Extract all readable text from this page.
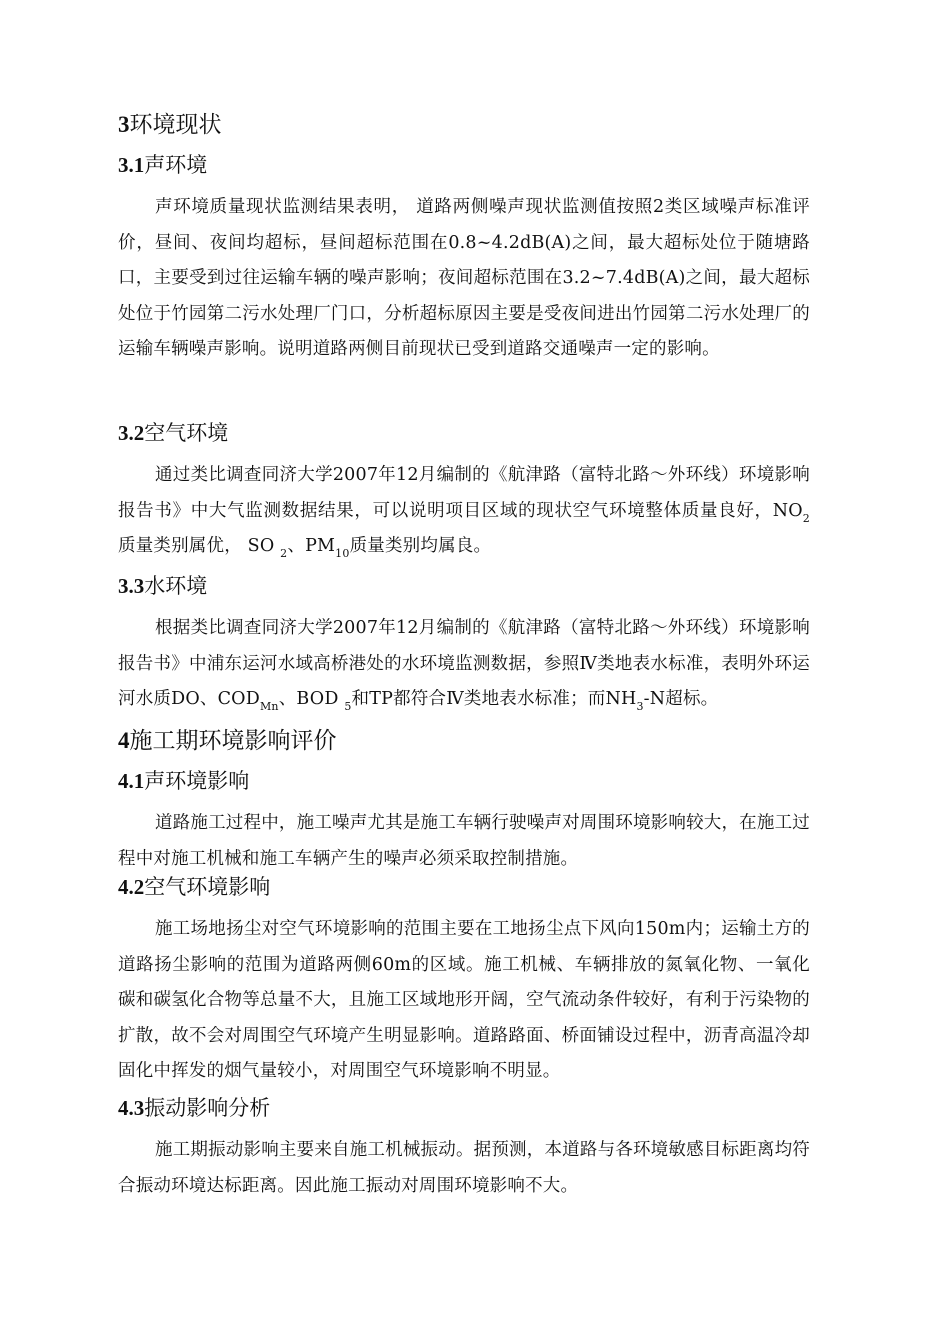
3环境现状
3.1声环境

声环境质量现状监测结果表明， 道路两侧噪声现状监测值按照2类区域噪声标准评价，昼间、夜间均超标，昼间超标范围在0.8~4.2dB(A)之间，最大超标处位于随塘路口，主要受到过往运输车辆的噪声影响；夜间超标范围在3.2~7.4dB(A)之间，最大超标处位于竹园第二污水处理厂门口，分析超标原因主要是受夜间进出竹园第二污水处理厂的运输车辆噪声影响。说明道路两侧目前现状已受到道路交通噪声一定的影响。

3.2空气环境

通过类比调查同济大学2007年12月编制的《航津路（富特北路～外环线）环境影响报告书》中大气监测数据结果，可以说明项目区域的现状空气环境整体质量良好，$NO_2$质量类别属优， SO $_2$、$PM_{10}$质量类别均属良。

3.3水环境

根据类比调查同济大学2007年12月编制的《航津路（富特北路～外环线）环境影响报告书》中浦东运河水域高桥港处的水环境监测数据，参照Ⅳ类地表水标准，表明外环运河水质DO、$COD_{Mn}$、BOD $_5$和TP都符合Ⅳ类地表水标准；而$NH_3-N$超标。

4施工期环境影响评价
4.1声环境影响

道路施工过程中，施工噪声尤其是施工车辆行驶噪声对周围环境影响较大，在施工过程中对施工机械和施工车辆产生的噪声必须采取控制措施。

4.2空气环境影响

施工场地扬尘对空气环境影响的范围主要在工地扬尘点下风向150m内；运输土方的道路扬尘影响的范围为道路两侧60m的区域。施工机械、车辆排放的氮氧化物、一氧化碳和碳氢化合物等总量不大，且施工区域地形开阔，空气流动条件较好，有利于污染物的扩散，故不会对周围空气环境产生明显影响。道路路面、桥面铺设过程中，沥青高温冷却固化中挥发的烟气量较小，对周围空气环境影响不明显。

4.3振动影响分析

施工期振动影响主要来自施工机械振动。据预测，本道路与各环境敏感目标距离均符合振动环境达标距离。因此施工振动对周围环境影响不大。
